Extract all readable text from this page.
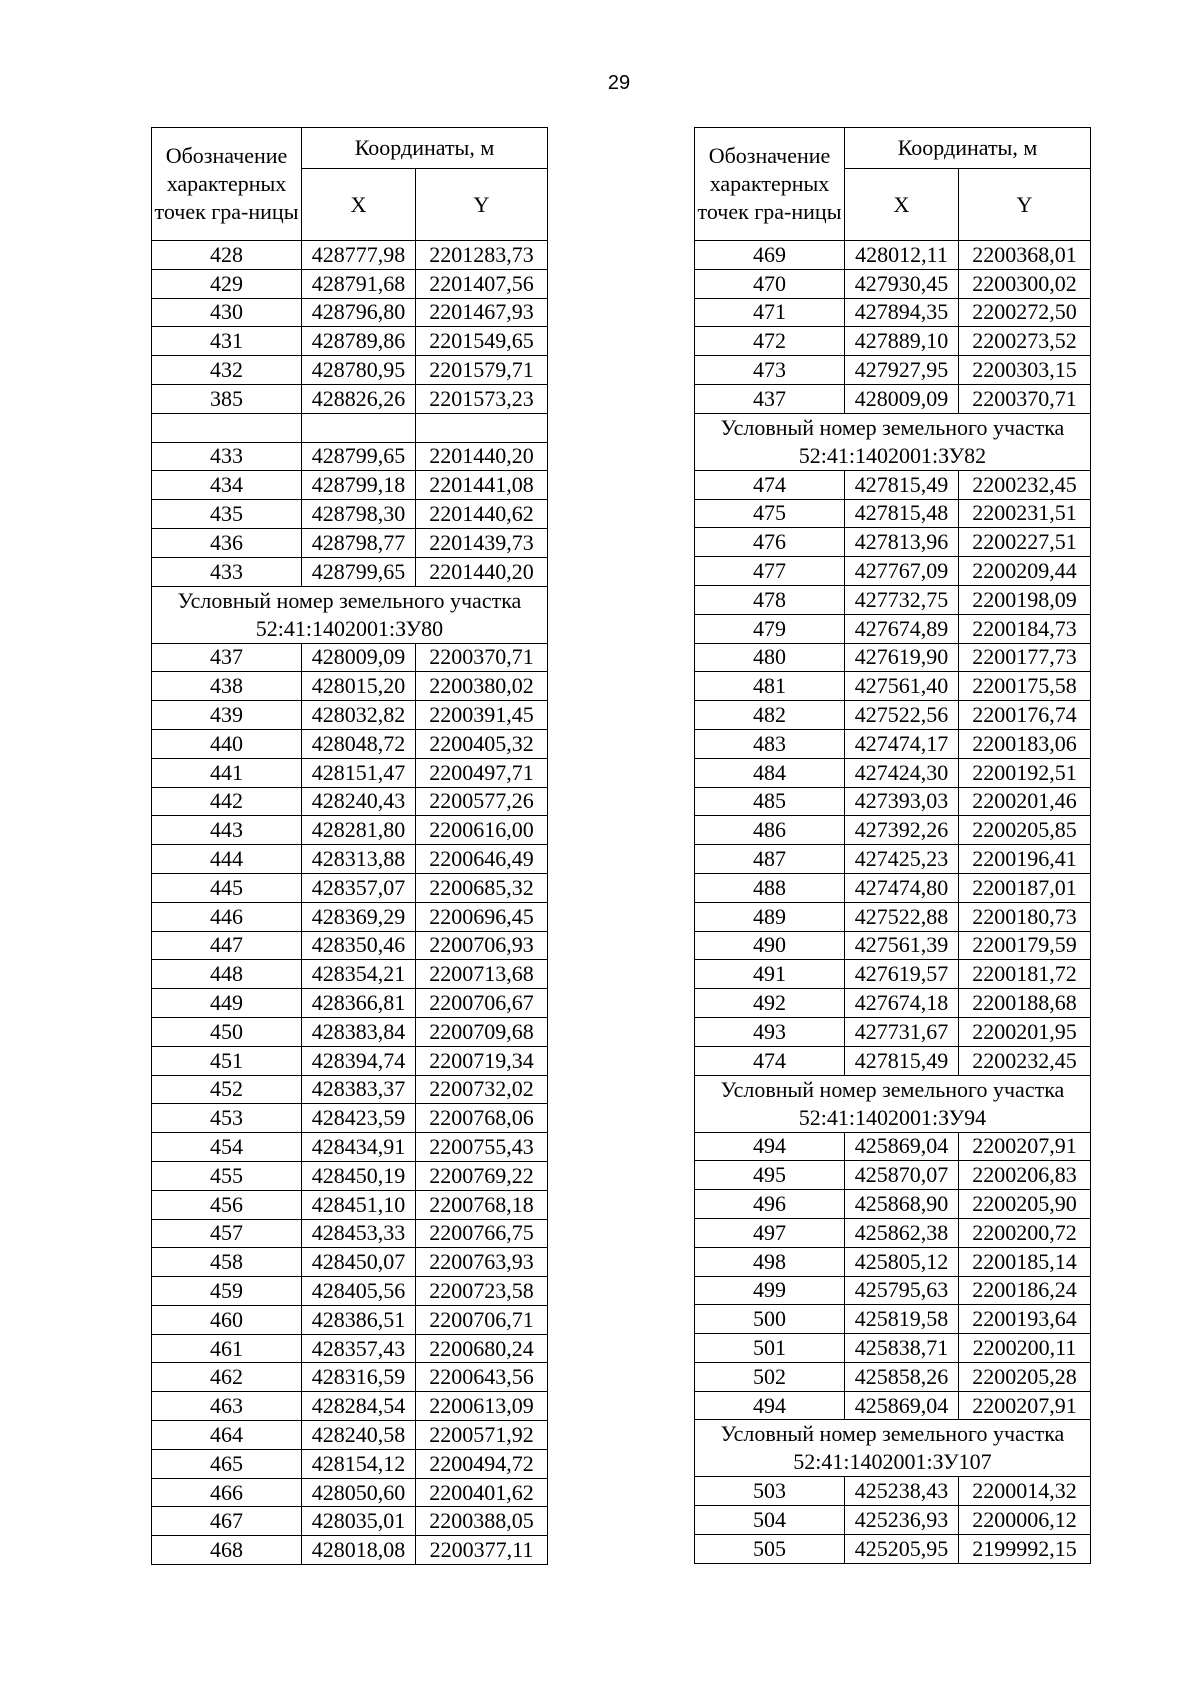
29
Обозначение характерных точек гра-ницы	Координаты, м	
	X	Y
428	428777,98	2201283,73
429	428791,68	2201407,56
430	428796,80	2201467,93
431	428789,86	2201549,65
432	428780,95	2201579,71
385	428826,26	2201573,23

433	428799,65	2201440,20
434	428799,18	2201441,08
435	428798,30	2201440,62
436	428798,77	2201439,73
433	428799,65	2201440,20
Условный номер земельного участка 52:41:1402001:ЗУ80		
437	428009,09	2200370,71
438	428015,20	2200380,02
439	428032,82	2200391,45
440	428048,72	2200405,32
441	428151,47	2200497,71
442	428240,43	2200577,26
443	428281,80	2200616,00
444	428313,88	2200646,49
445	428357,07	2200685,32
446	428369,29	2200696,45
447	428350,46	2200706,93
448	428354,21	2200713,68
449	428366,81	2200706,67
450	428383,84	2200709,68
451	428394,74	2200719,34
452	428383,37	2200732,02
453	428423,59	2200768,06
454	428434,91	2200755,43
455	428450,19	2200769,22
456	428451,10	2200768,18
457	428453,33	2200766,75
458	428450,07	2200763,93
459	428405,56	2200723,58
460	428386,51	2200706,71
461	428357,43	2200680,24
462	428316,59	2200643,56
463	428284,54	2200613,09
464	428240,58	2200571,92
465	428154,12	2200494,72
466	428050,60	2200401,62
467	428035,01	2200388,05
468	428018,08	2200377,11
Обозначение характерных точек гра-ницы	Координаты, м	
	X	Y
469	428012,11	2200368,01
470	427930,45	2200300,02
471	427894,35	2200272,50
472	427889,10	2200273,52
473	427927,95	2200303,15
437	428009,09	2200370,71
Условный номер земельного участка 52:41:1402001:ЗУ82		
474	427815,49	2200232,45
475	427815,48	2200231,51
476	427813,96	2200227,51
477	427767,09	2200209,44
478	427732,75	2200198,09
479	427674,89	2200184,73
480	427619,90	2200177,73
481	427561,40	2200175,58
482	427522,56	2200176,74
483	427474,17	2200183,06
484	427424,30	2200192,51
485	427393,03	2200201,46
486	427392,26	2200205,85
487	427425,23	2200196,41
488	427474,80	2200187,01
489	427522,88	2200180,73
490	427561,39	2200179,59
491	427619,57	2200181,72
492	427674,18	2200188,68
493	427731,67	2200201,95
474	427815,49	2200232,45
Условный номер земельного участка 52:41:1402001:ЗУ94		
494	425869,04	2200207,91
495	425870,07	2200206,83
496	425868,90	2200205,90
497	425862,38	2200200,72
498	425805,12	2200185,14
499	425795,63	2200186,24
500	425819,58	2200193,64
501	425838,71	2200200,11
502	425858,26	2200205,28
494	425869,04	2200207,91
Условный номер земельного участка 52:41:1402001:ЗУ107		
503	425238,43	2200014,32
504	425236,93	2200006,12
505	425205,95	2199992,15
